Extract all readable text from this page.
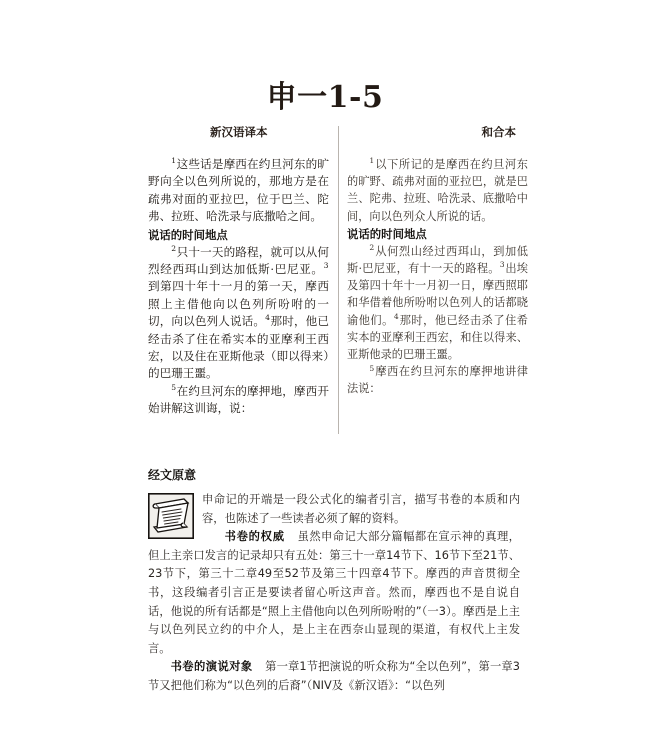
申一1-5
新汉语译本

$^1$这些话是摩西在约旦河东的旷野向全以色列所说的，那地方是在疏弗对面的亚拉巴，位于巴兰、陀弗、拉班、哈洗录与底撒哈之间。

说话的时间地点

$^2$只十一天的路程，就可以从何烈经西珥山到达加低斯·巴尼亚。$^3$到第四十年十一月的第一天，摩西照上主借他向以色列所吩咐的一切，向以色列人说话。$^4$那时，他已经击杀了住在希实本的亚摩利王西宏，以及住在亚斯他录（即以得来）的巴珊王噩。

$^5$在约旦河东的摩押地，摩西开始讲解这训诲，说：

和合本

$^1$以下所记的是摩西在约旦河东的旷野、疏弗对面的亚拉巴，就是巴兰、陀弗、拉班、哈洗录、底撒哈中间，向以色列众人所说的话。

说话的时间地点

$^2$从何烈山经过西珥山，到加低斯·巴尼亚，有十一天的路程。$^3$出埃及第四十年十一月初一日，摩西照耶和华借着他所吩咐以色列人的话都晓谕他们。$^4$那时，他已经击杀了住希实本的亚摩利王西宏，和住以得来、亚斯他录的巴珊王噩。

$^5$摩西在约旦河东的摩押地讲律法说：

经文原意

申命记的开端是一段公式化的编者引言，描写书卷的本质和内容，也陈述了一些读者必须了解的资料。

书卷的权威 虽然申命记大部分篇幅都在宣示神的真理，但上主亲口发言的记录却只有五处：第三十一章14节下、16节下至21节、23节下，第三十二章49至52节及第三十四章4节下。摩西的声音贯彻全书，这段编者引言正是要读者留心听这声音。然而，摩西也不是自说自话，他说的所有话都是“照上主借他向以色列所吩咐的”（一3）。摩西是上主与以色列民立约的中介人，是上主在西奈山显现的渠道，有权代上主发言。

书卷的演说对象 第一章1节把演说的听众称为“全以色列”，第一章3节又把他们称为“以色列的后裔”（NIV及《新汉语》：“以色列
